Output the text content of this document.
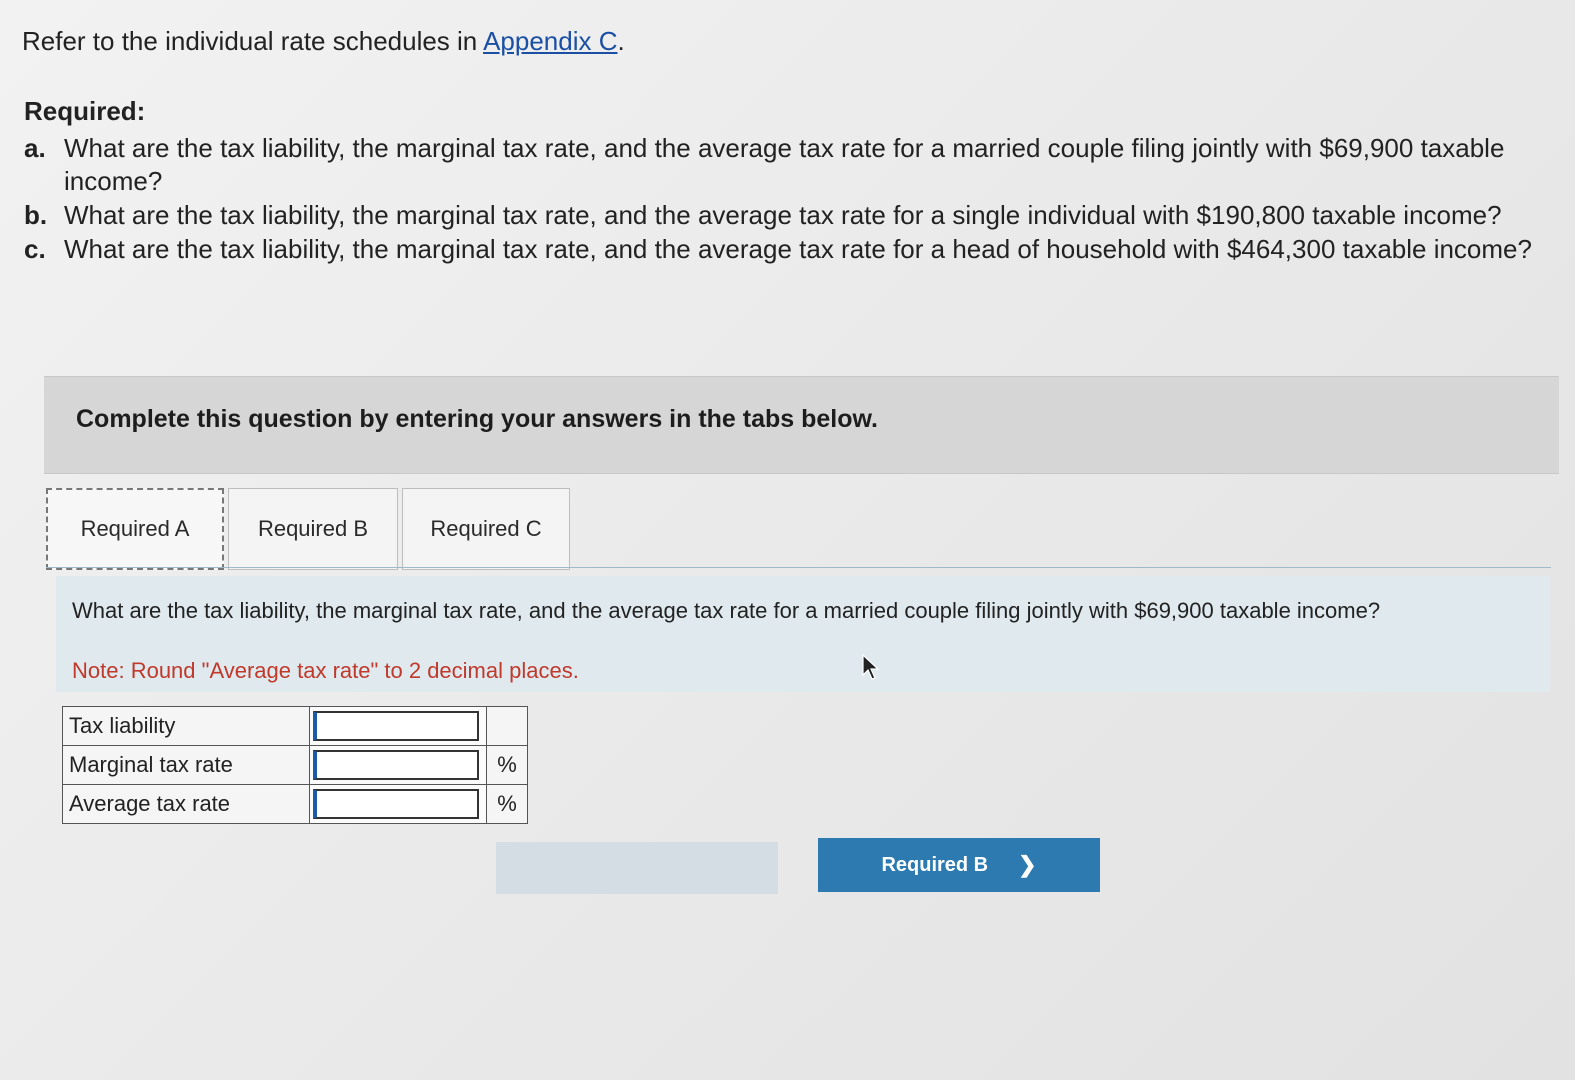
Refer to the individual rate schedules in Appendix C.
Required:
a. What are the tax liability, the marginal tax rate, and the average tax rate for a married couple filing jointly with $69,900 taxable income?
b. What are the tax liability, the marginal tax rate, and the average tax rate for a single individual with $190,800 taxable income?
c. What are the tax liability, the marginal tax rate, and the average tax rate for a head of household with $464,300 taxable income?
Complete this question by entering your answers in the tabs below.
Required A	Required B	Required C
What are the tax liability, the marginal tax rate, and the average tax rate for a married couple filing jointly with $69,900 taxable income?
Note: Round "Average tax rate" to 2 decimal places.
Tax liability		
Marginal tax rate		%
Average tax rate		%
Required B ❯
